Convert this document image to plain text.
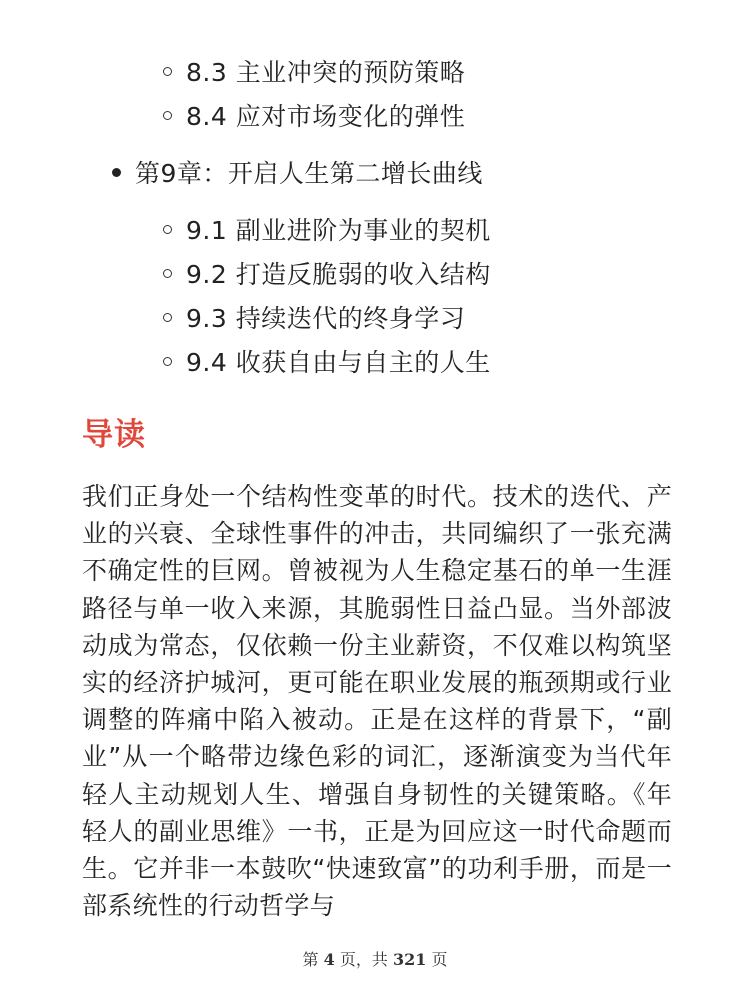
8.3 主业冲突的预防策略
8.4 应对市场变化的弹性
第9章：开启人生第二增长曲线
9.1 副业进阶为事业的契机
9.2 打造反脆弱的收入结构
9.3 持续迭代的终身学习
9.4 收获自由与自主的人生
导读

我们正身处一个结构性变革的时代。技术的迭代、产业的兴衰、全球性事件的冲击，共同编织了一张充满不确定性的巨网。曾被视为人生稳定基石的单一生涯路径与单一收入来源，其脆弱性日益凸显。当外部波动成为常态，仅依赖一份主业薪资，不仅难以构筑坚实的经济护城河，更可能在职业发展的瓶颈期或行业调整的阵痛中陷入被动。正是在这样的背景下，“副业”从一个略带边缘色彩的词汇，逐渐演变为当代年轻人主动规划人生、增强自身韧性的关键策略。《年轻人的副业思维》一书，正是为回应这一时代命题而生。它并非一本鼓吹“快速致富”的功利手册，而是一部系统性的行动哲学与

第 4 页，共 321 页
